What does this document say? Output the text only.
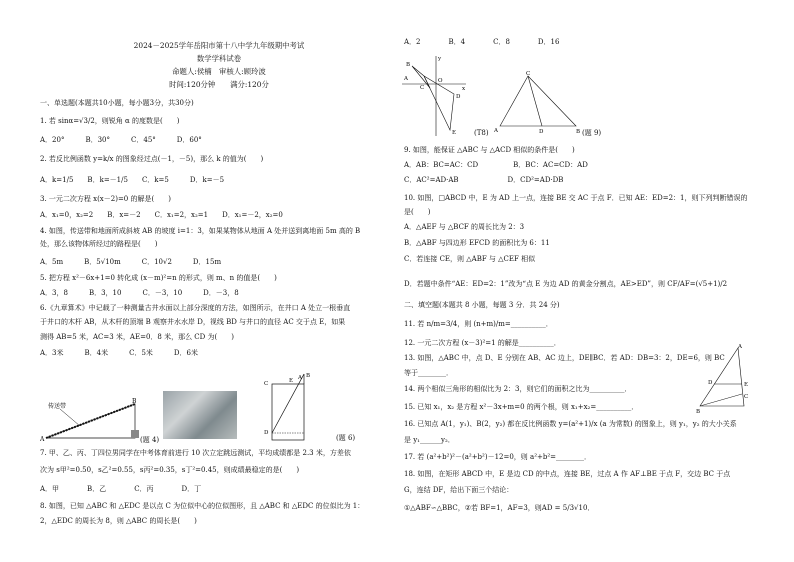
2024－2025学年岳阳市第十八中学九年级期中考试
数学学科试卷
命题人:侯楠　审核人:顾玲波
时间:120分钟　　满分:120分
一、单选题(本题共10小题，每小题3分，共30分)
1. 若 sinα=√3/2，则锐角 α 的度数是(　　)
A．20°　　　B．30°　　　C．45°　　　D．60°
2. 若反比例函数 y=k/x 的图象经过点(－1，－5)，那么 k 的值为(　　)
A．k=1/5　　B．k=－1/5　　C．k=5　　　D．k=－5
3. 一元二次方程 x(x－2)=0 的解是(　　)
A．x₁=0，x₂=2　　B．x=－2　　C．x₁=2，x₂=1　　D．x₁=－2，x₂=0
4. 如图，传送带和地面所成斜坡 AB 的坡度 i=1：3，如果某物体从地面 A 处并送到离地面 5m 高的 B
处，那么该物体所经过的路程是(　　)
A．5m　　　B．5√10m　　　C．10√2　　　D．15m
5. 把方程 x²－6x+1=0 转化成 (x－m)²=n 的形式，则 m、n 的值是(　　)
A．3，8　　　B．3，10　　　C．－3，10　　　D．－3，8
6.《九章算术》中记载了一种测量古井水面以上部分深度的方法，如图所示，在井口 A 处立一根垂直
于井口的木杆 AB，从木杆的顶端 B 观察井水水岸 D，视线 BD 与井口的直径 AC 交于点 E，如果
测得 AB=5 米，AC=3 米，AE=0．8 米，那么 CD 为(　　)
A．3米　　　B．4米　　　C．5米　　　D．6米
7. 甲、乙、丙、丁四位男同学在中考体育前进行 10 次立定跳远测试，平均成绩都是 2.3 米，方差依
次为 s甲²=0.50，s乙²=0.55，s丙²=0.35，s丁²=0.45，则成绩最稳定的是(　　)
A．甲　　　　B．乙　　　　C．丙　　　　D．丁
8. 如图，已知 △ABC 和 △EDC 是以点 C 为位似中心的位似图形，且 △ABC 和 △EDC 的位似比为 1：
2，△EDC 的周长为 8，则 △ABC 的周长是(　　)
A
B
传送带
(题 4)
C	E A B
D
(题 6)
A．2　　　　B．4　　　　C．8　　　　D．16
9. 如图，能保证 △ABC 与 △ACD 相似的条件是(　　)
A．AB：BC=AC：CD　　　　　B．BC：AC=CD：AD
C．AC²=AD·AB　　　　　　　D．CD²=AD·DB
10. 如图，□ABCD 中，E 为 AD 上一点，连接 BE 交 AC 于点 F．已知 AE：ED=2：1，则下列判断错误的
是(　　)
A．△AEF 与 △BCF 的周长比为 2：3
B．△ABF 与四边形 EFCD 的面积比为 6：11
C．若连接 CE，则 △ABF 与 △CEF 相似
D．若题中条件“AE：ED=2：1”改为“点 E 为边 AD 的黄金分割点，AE>ED”，则 CF/AF=(√5+1)/2
二、填空题(本题共 8 小题，每题 3 分．共 24 分)
11. 若 n/m=3/4，则 (n+m)/m=__________．
12. 一元二次方程 (x－3)²=1 的解是__________．
13. 如图，△ABC 中，点 D、E 分别在 AB、AC 边上，DE∥BC．若 AD：DB=3：2，DE=6，则 BC
等于________．
14. 两个相似三角形的相似比为 2：3，则它们的面积之比为__________．
15. 已知 x₁，x₂ 是方程 x²－3x+m=0 的两个根，则 x₁+x₂=__________．
16. 已知点 A(1，y₁)、B(2，y₂) 都在反比例函数 y=(a²+1)/x (a 为常数) 的图象上，则 y₁，y₂ 的大小关系
是 y₁______y₂．
17. 若 (a²+b²)²－(a²+b²)－12=0，则 a²+b²=________．
18. 如图，在矩形 ABCD 中，E 是边 CD 的中点，连接 BE，过点 A 作 AF⊥BE 于点 F，交边 BC 于点
G，连结 DF，给出下面三个结论：
①△ABF∽△BBC，②若 BF=1，AF=3，则AD = 5/3√10．
B
A
C
O
y
x
D
E	(T8) A
C
D	B (题 9)
A
D	E
C
B
